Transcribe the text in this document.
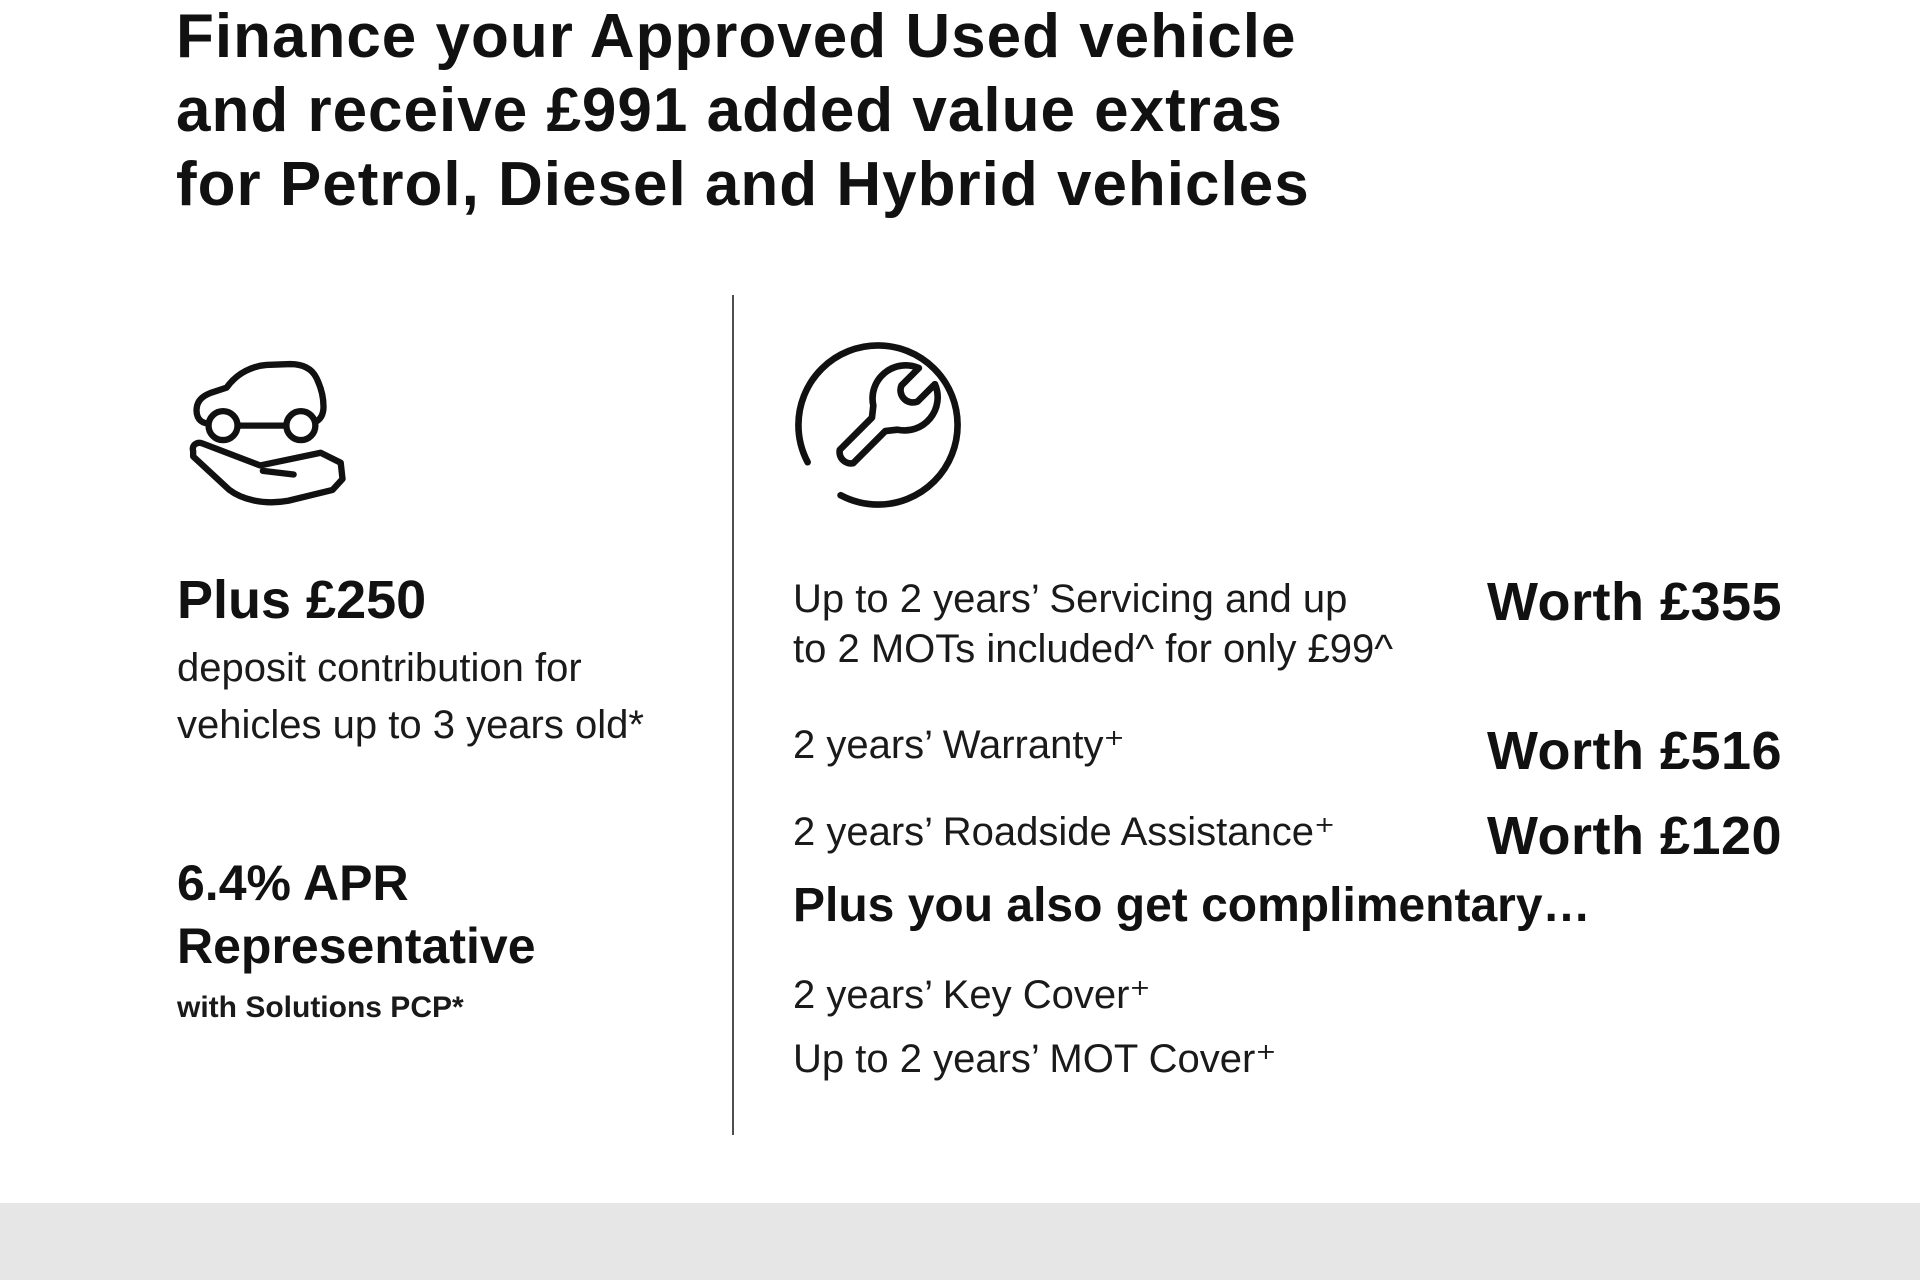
Finance your Approved Used vehicle
and receive £991 added value extras
for Petrol, Diesel and Hybrid vehicles
Plus £250
deposit contribution for
vehicles up to 3 years old*
6.4% APR
Representative
with Solutions PCP*
Up to 2 years’ Servicing and up
to 2 MOTs included^ for only £99^
Worth £355
2 years’ Warranty⁺	Worth £516
2 years’ Roadside Assistance⁺	Worth £120
Plus you also get complimentary…
2 years’ Key Cover⁺
Up to 2 years’ MOT Cover⁺
